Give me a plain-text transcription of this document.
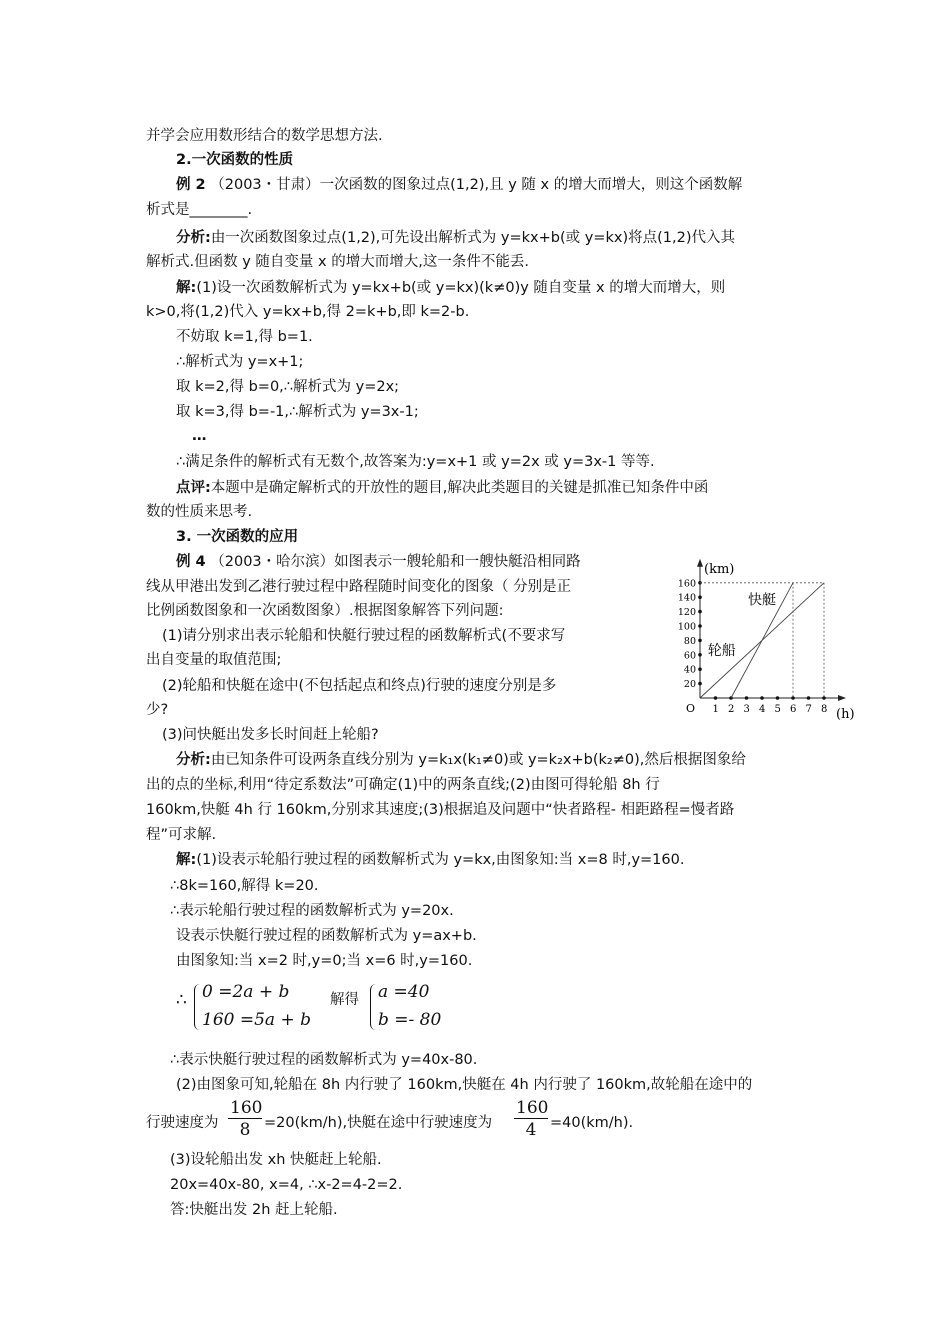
并学会应用数形结合的数学思想方法.
2.一次函数的性质
例 2 （2003・甘肃）一次函数的图象过点(1,2),且 y 随 x 的增大而增大，则这个函数解
析式是________.
分析:由一次函数图象过点(1,2),可先设出解析式为 y=kx+b(或 y=kx)将点(1,2)代入其
解析式.但函数 y 随自变量 x 的增大而增大,这一条件不能丢.
解:(1)设一次函数解析式为 y=kx+b(或 y=kx)(k≠0)y 随自变量 x 的增大而增大，则
k>0,将(1,2)代入 y=kx+b,得 2=k+b,即 k=2-b.
不妨取 k=1,得 b=1.
∴解析式为 y=x+1;
取 k=2,得 b=0,∴解析式为 y=2x;
取 k=3,得 b=-1,∴解析式为 y=3x-1;
…
∴满足条件的解析式有无数个,故答案为:y=x+1 或 y=2x 或 y=3x-1 等等.
点评:本题中是确定解析式的开放性的题目,解决此类题目的关键是抓准已知条件中函
数的性质来思考.
3. 一次函数的应用
例 4 （2003・哈尔滨）如图表示一艘轮船和一艘快艇沿相同路
线从甲港出发到乙港行驶过程中路程随时间变化的图象（ 分别是正
比例函数图象和一次函数图象）.根据图象解答下列问题:
(1)请分别求出表示轮船和快艇行驶过程的函数解析式(不要求写
出自变量的取值范围;
(2)轮船和快艇在途中(不包括起点和终点)行驶的速度分别是多
少?
(3)问快艇出发多长时间赶上轮船?
分析:由已知条件可设两条直线分别为 y=k₁x(k₁≠0)或 y=k₂x+b(k₂≠0),然后根据图象给
出的点的坐标,利用“待定系数法”可确定(1)中的两条直线;(2)由图可得轮船 8h 行
160km,快艇 4h 行 160km,分别求其速度;(3)根据追及问题中“快者路程- 相距路程=慢者路
程”可求解.
解:(1)设表示轮船行驶过程的函数解析式为 y=kx,由图象知:当 x=8 时,y=160.
∴8k=160,解得 k=20.
∴表示轮船行驶过程的函数解析式为 y=20x.
设表示快艇行驶过程的函数解析式为 y=ax+b.
由图象知:当 x=2 时,y=0;当 x=6 时,y=160.
∴ 0 =2a + b
160 =5a + b
解得 a =40
b =- 80
∴表示快艇行驶过程的函数解析式为 y=40x-80.
(2)由图象可知,轮船在 8h 内行驶了 160km,快艇在 4h 内行驶了 160km,故轮船在途中的
行驶速度为 $\frac{160}{8} =20(km/h)$,快艇在途中行驶速度为 $\frac{160}{4} =40(km/h)$.
(3)设轮船出发 xh 快艇赶上轮船.
20x=40x-80, x=4, ∴x-2=4-2=2.
答:快艇出发 2h 赶上轮船.
(km)
(h)
O 1 2 3 4 5 6 7 8
20
40
60
80
100
120
140
160
轮船
快艇
